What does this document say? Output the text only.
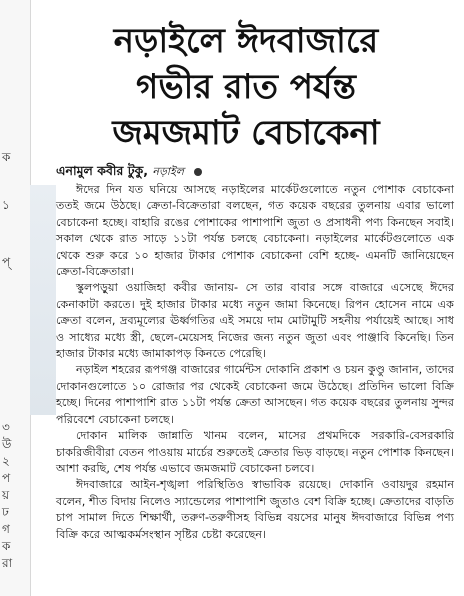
ক
১
প্
৩
উ
২
প
য়
ঢ
গ
ক
রা
নড়াইলে ঈদবাজারে
গভীর রাত পর্যন্ত
জমজমাট বেচাকেনা
এনামুল কবীর টুকু, নড়াইল

ঈদের দিন যত ঘনিয়ে আসছে নড়াইলের মার্কেটগুলোতে নতুন পোশাক বেচাকেনা ততই জমে উঠছে। ক্রেতা-বিক্রেতারা বলছেন, গত কয়েক বছরের তুলনায় এবার ভালো বেচাকেনা হচ্ছে। বাহারি রঙের পোশাকের পাশাপাশি জুতা ও প্রসাধনী পণ্য কিনছেন সবাই। সকাল থেকে রাত সাড়ে ১১টা পর্যন্ত চলছে বেচাকেনা। নড়াইলের মার্কেটগুলোতে এক থেকে শুরু করে ১০ হাজার টাকার পোশাক বেচাকেনা বেশি হচ্ছে- এমনটি জানিয়েছেন ক্রেতা-বিক্রেতারা।

স্কুলপড়ুয়া ওয়াজিহা কবীর জানায়- সে তার বাবার সঙ্গে বাজারে এসেছে ঈদের কেনাকাটা করতে। দুই হাজার টাকার মধ্যে নতুন জামা কিনেছে। রিপন হোসেন নামে এক ক্রেতা বলেন, দ্রব্যমূল্যের ঊর্ধ্বগতির এই সময়ে দাম মোটামুটি সহনীয় পর্যায়েই আছে। সাধ ও সাধ্যের মধ্যে স্ত্রী, ছেলে-মেয়েসহ নিজের জন্য নতুন জুতা এবং পাঞ্জাবি কিনেছি। তিন হাজার টাকার মধ্যে জামাকাপড় কিনতে পেরেছি।

নড়াইল শহরের রূপগঞ্জ বাজারের গার্মেন্টস দোকানি প্রকাশ ও চয়ন কুণ্ডু জানান, তাদের দোকানগুলোতে ১০ রোজার পর থেকেই বেচাকেনা জমে উঠেছে। প্রতিদিন ভালো বিক্রি হচ্ছে। দিনের পাশাপাশি রাত ১১টা পর্যন্ত ক্রেতা আসছেন। গত কয়েক বছরের তুলনায় সুন্দর পরিবেশে বেচাকেনা চলছে।

দোকান মালিক জান্নাতি খানম বলেন, মাসের প্রথমদিকে সরকারি-বেসরকারি চাকরিজীবীরা বেতন পাওয়ায় মার্চের শুরুতেই ক্রেতার ভিড় বাড়ছে। নতুন পোশাক কিনছেন। আশা করছি, শেষ পর্যন্ত এভাবে জমজমাট বেচাকেনা চলবে।

ঈদবাজারে আইন-শৃঙ্খলা পরিস্থিতিও স্বাভাবিক রয়েছে। দোকানি ওবায়দুর রহমান বলেন, শীত বিদায় নিলেও স্যান্ডেলের পাশাপাশি জুতাও বেশ বিক্রি হচ্ছে। ক্রেতাদের বাড়তি চাপ সামাল দিতে শিক্ষার্থী, তরুণ-তরুণীসহ বিভিন্ন বয়সের মানুষ ঈদবাজারে বিভিন্ন পণ্য বিক্রি করে আত্মকর্মসংস্থান সৃষ্টির চেষ্টা করেছেন।
